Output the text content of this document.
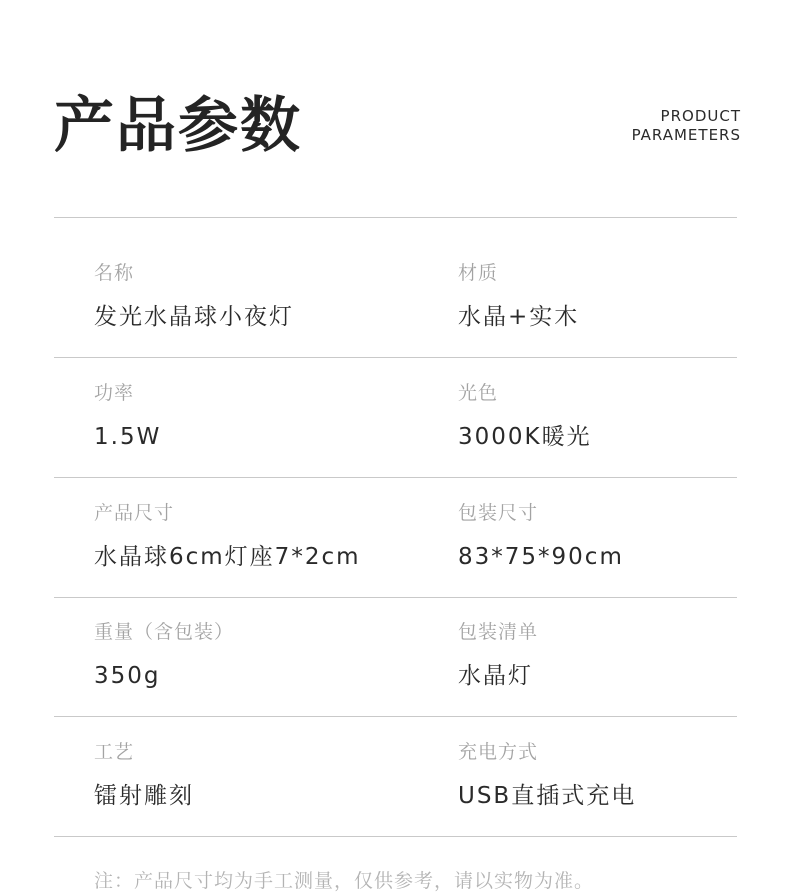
产品参数	PRODUCT
PARAMETERS
名称
发光水晶球小夜灯
材质
水晶+实木
功率
1.5W
光色
3000K暖光
产品尺寸
水晶球6cm灯座7*2cm
包装尺寸
83*75*90cm
重量（含包装）
350g
包装清单
水晶灯
工艺
镭射雕刻
充电方式
USB直插式充电
注：产品尺寸均为手工测量，仅供参考，请以实物为准。
